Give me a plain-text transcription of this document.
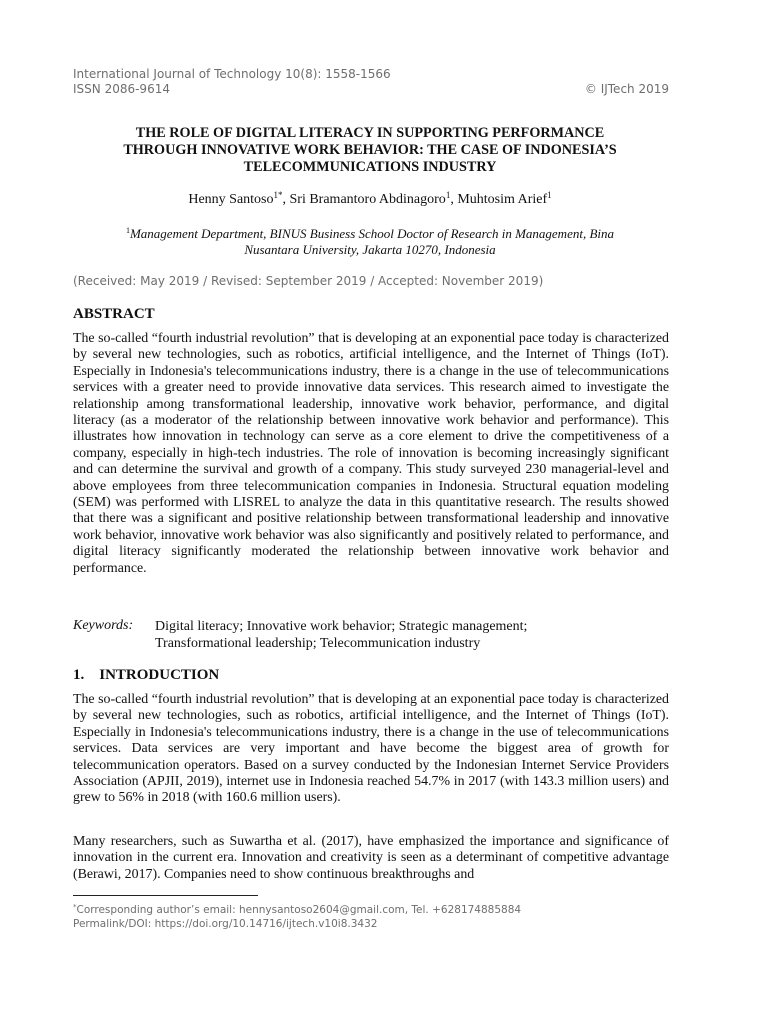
International Journal of Technology 10(8): 1558-1566
ISSN 2086-9614	© IJTech 2019
THE ROLE OF DIGITAL LITERACY IN SUPPORTING PERFORMANCE
THROUGH INNOVATIVE WORK BEHAVIOR: THE CASE OF INDONESIA’S
TELECOMMUNICATIONS INDUSTRY
Henny Santoso$^{1*}$, Sri Bramantoro Abdinagoro$^1$, Muhtosim Arief$^1$
$^1$Management Department, BINUS Business School Doctor of Research in Management, Bina
Nusantara University, Jakarta 10270, Indonesia
(Received: May 2019 / Revised: September 2019 / Accepted: November 2019)
ABSTRACT

The so-called “fourth industrial revolution” that is developing at an exponential pace today is characterized by several new technologies, such as robotics, artificial intelligence, and the Internet of Things (IoT). Especially in Indonesia's telecommunications industry, there is a change in the use of telecommunications services with a greater need to provide innovative data services. This research aimed to investigate the relationship among transformational leadership, innovative work behavior, performance, and digital literacy (as a moderator of the relationship between innovative work behavior and performance). This illustrates how innovation in technology can serve as a core element to drive the competitiveness of a company, especially in high-tech industries. The role of innovation is becoming increasingly significant and can determine the survival and growth of a company. This study surveyed 230 managerial-level and above employees from three telecommunication companies in Indonesia. Structural equation modeling (SEM) was performed with LISREL to analyze the data in this quantitative research. The results showed that there was a significant and positive relationship between transformational leadership and innovative work behavior, innovative work behavior was also significantly and positively related to performance, and digital literacy significantly moderated the relationship between innovative work behavior and performance.

Keywords: Digital literacy; Innovative work behavior; Strategic management;
Transformational leadership; Telecommunication industry
1.    INTRODUCTION

The so-called “fourth industrial revolution” that is developing at an exponential pace today is characterized by several new technologies, such as robotics, artificial intelligence, and the Internet of Things (IoT). Especially in Indonesia's telecommunications industry, there is a change in the use of telecommunications services. Data services are very important and have become the biggest area of growth for telecommunication operators. Based on a survey conducted by the Indonesian Internet Service Providers Association (APJII, 2019), internet use in Indonesia reached 54.7% in 2017 (with 143.3 million users) and grew to 56% in 2018 (with 160.6 million users).

Many researchers, such as Suwartha et al. (2017), have emphasized the importance and significance of innovation in the current era. Innovation and creativity is seen as a determinant of competitive advantage (Berawi, 2017). Companies need to show continuous breakthroughs and

*Corresponding author’s email: hennysantoso2604@gmail.com, Tel. +628174885884
Permalink/DOI: https://doi.org/10.14716/ijtech.v10i8.3432
